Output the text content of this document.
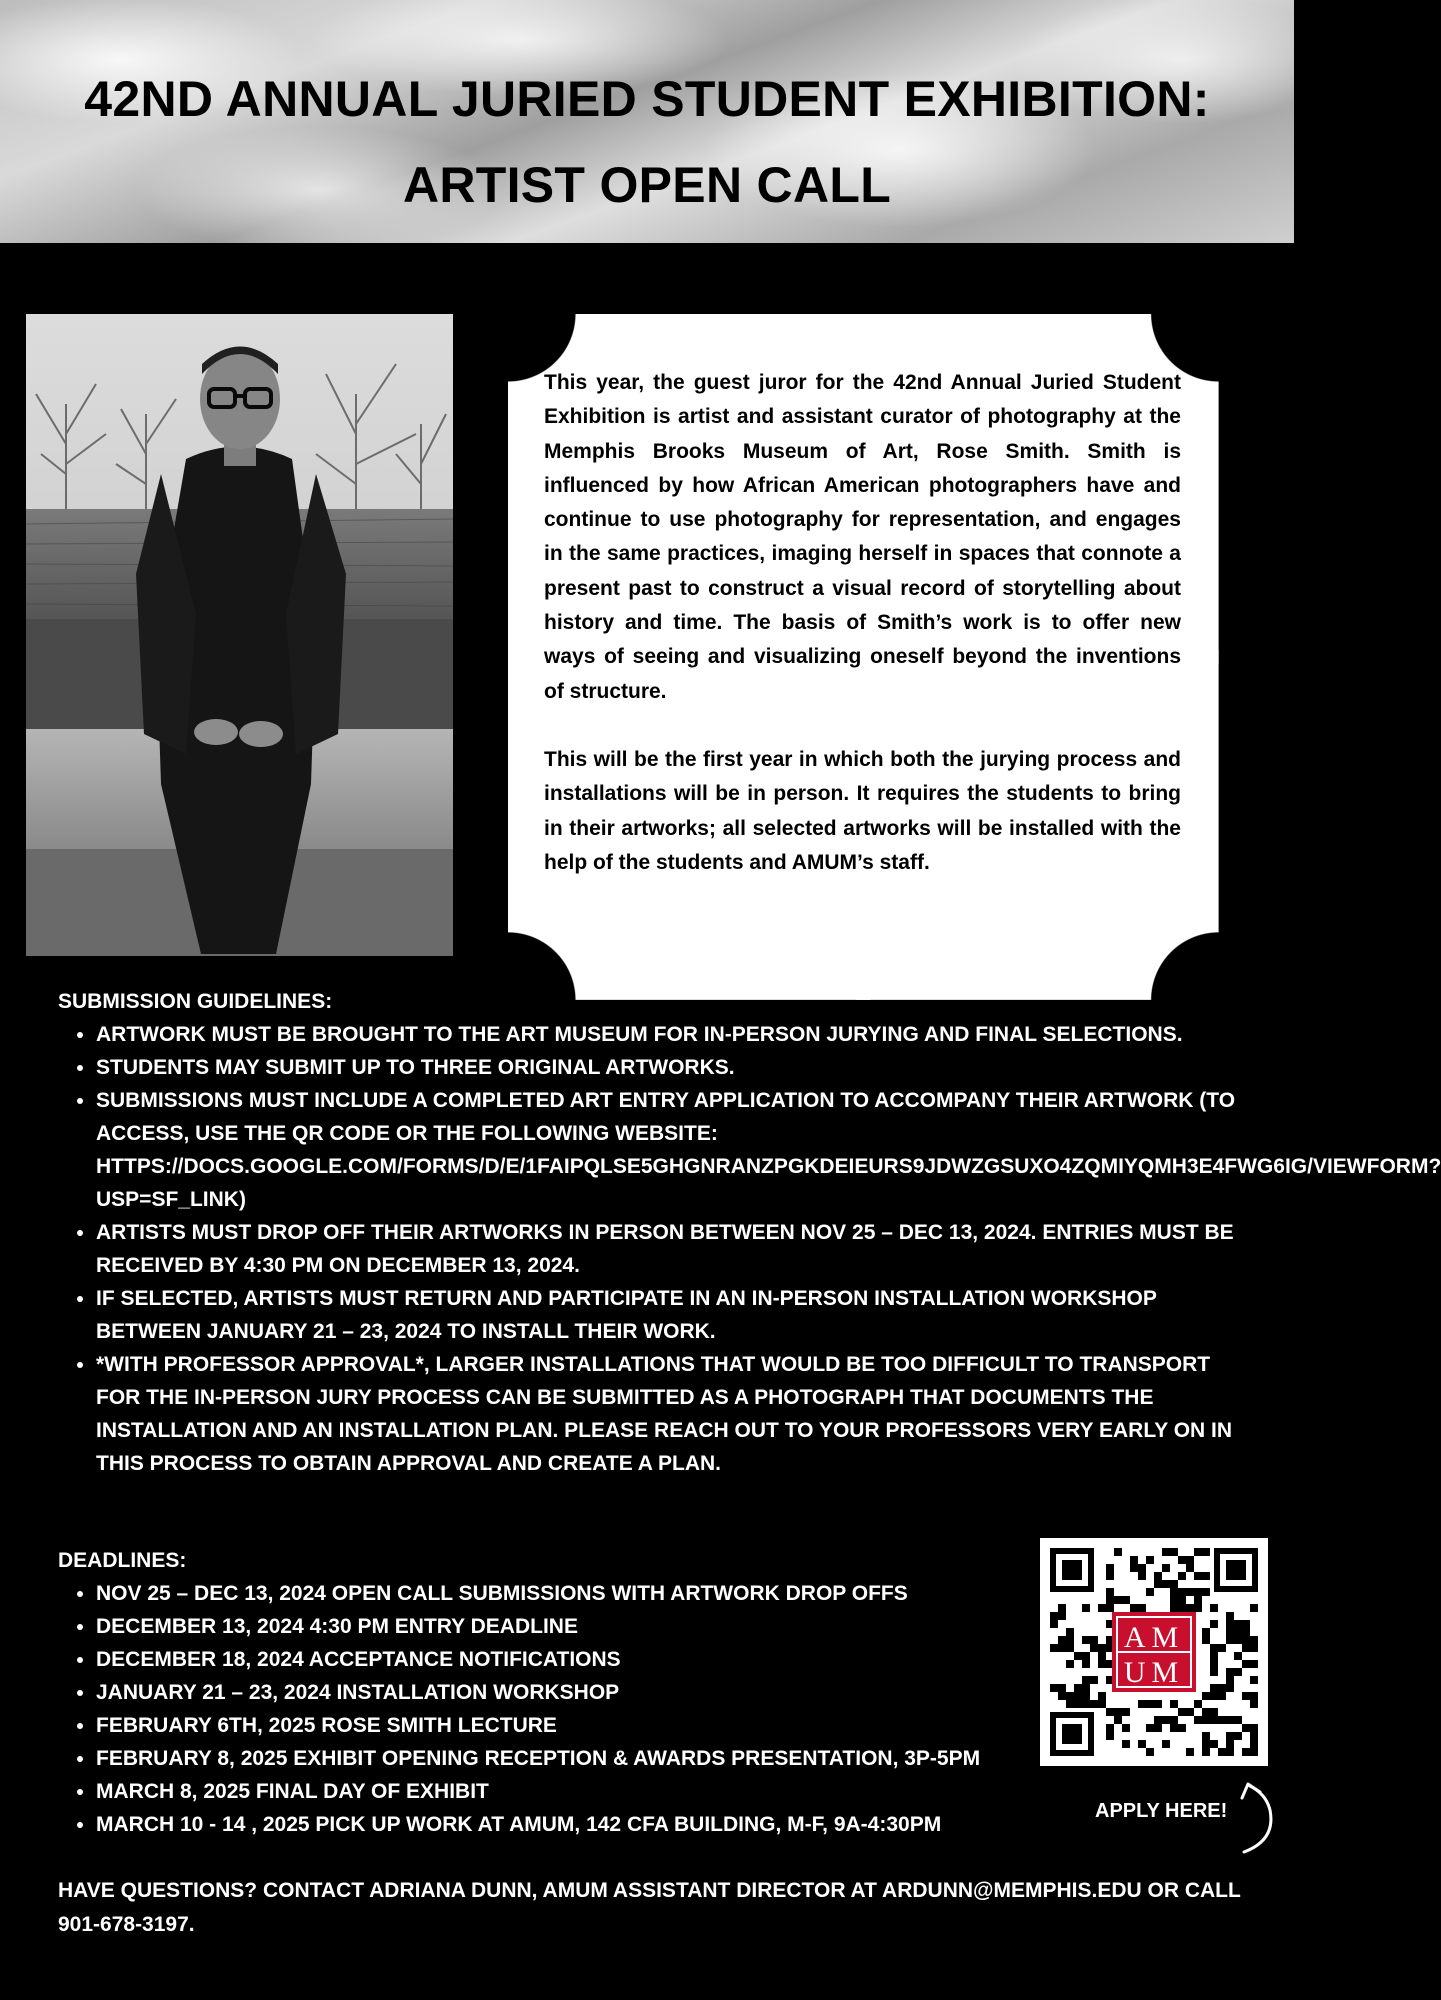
42ND ANNUAL JURIED STUDENT EXHIBITION:
ARTIST OPEN CALL

This year, the guest juror for the 42nd Annual Juried Student Exhibition is artist and assistant curator of photography at the Memphis Brooks Museum of Art, Rose Smith. Smith is influenced by how African American photographers have and continue to use photography for representation, and engages in the same practices, imaging herself in spaces that connote a present past to construct a visual record of storytelling about history and time. The basis of Smith’s work is to offer new ways of seeing and visualizing oneself beyond the inventions of structure.

This will be the first year in which both the jurying process and installations will be in person. It requires the students to bring in their artworks; all selected artworks will be installed with the help of the students and AMUM’s staff.

SUBMISSION GUIDELINES:
• ARTWORK MUST BE BROUGHT TO THE ART MUSEUM FOR IN-PERSON JURYING AND FINAL SELECTIONS.
• STUDENTS MAY SUBMIT UP TO THREE ORIGINAL ARTWORKS.
• SUBMISSIONS MUST INCLUDE A COMPLETED ART ENTRY APPLICATION TO ACCOMPANY THEIR ARTWORK (TO ACCESS, USE THE QR CODE OR THE FOLLOWING WEBSITE: HTTPS://DOCS.GOOGLE.COM/FORMS/D/E/1FAIPQLSE5GHGNRANZPGKDEIEURS9JDWZGSUXO4ZQMIYQMH3E4FWG6IG/VIEWFORM?USP=SF_LINK)
• ARTISTS MUST DROP OFF THEIR ARTWORKS IN PERSON BETWEEN NOV 25 – DEC 13, 2024. ENTRIES MUST BE RECEIVED BY 4:30 PM ON DECEMBER 13, 2024.
• IF SELECTED, ARTISTS MUST RETURN AND PARTICIPATE IN AN IN-PERSON INSTALLATION WORKSHOP BETWEEN JANUARY 21 – 23, 2024 TO INSTALL THEIR WORK.
• *WITH PROFESSOR APPROVAL*, LARGER INSTALLATIONS THAT WOULD BE TOO DIFFICULT TO TRANSPORT FOR THE IN-PERSON JURY PROCESS CAN BE SUBMITTED AS A PHOTOGRAPH THAT DOCUMENTS THE INSTALLATION AND AN INSTALLATION PLAN. PLEASE REACH OUT TO YOUR PROFESSORS VERY EARLY ON IN THIS PROCESS TO OBTAIN APPROVAL AND CREATE A PLAN.
DEADLINES:
• NOV 25 – DEC 13, 2024 OPEN CALL SUBMISSIONS WITH ARTWORK DROP OFFS
• DECEMBER 13, 2024 4:30 PM ENTRY DEADLINE
• DECEMBER 18, 2024 ACCEPTANCE NOTIFICATIONS
• JANUARY 21 – 23, 2024 INSTALLATION WORKSHOP
• FEBRUARY 6TH, 2025 ROSE SMITH LECTURE
• FEBRUARY 8, 2025 EXHIBIT OPENING RECEPTION & AWARDS PRESENTATION, 3P-5PM
• MARCH 8, 2025 FINAL DAY OF EXHIBIT
• MARCH 10 - 14 , 2025 PICK UP WORK AT AMUM, 142 CFA BUILDING, M-F, 9A-4:30PM
AM
UM
APPLY HERE!
HAVE QUESTIONS? CONTACT ADRIANA DUNN, AMUM ASSISTANT DIRECTOR AT ARDUNN@MEMPHIS.EDU OR CALL 901-678-3197.
